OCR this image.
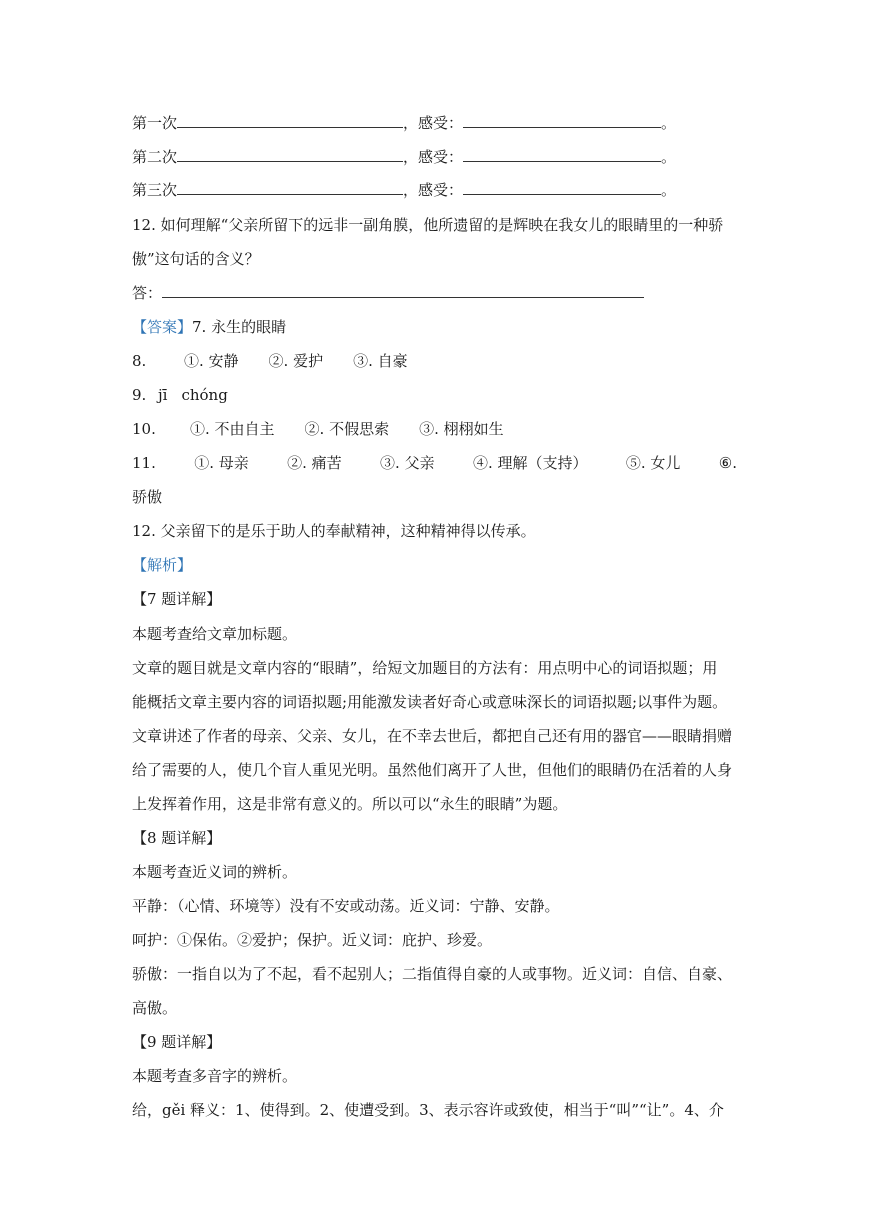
第一次	，感受：	。
第二次	，感受：	。
第三次	，感受：	。
12. 如何理解“父亲所留下的远非一副角膜，他所遗留的是辉映在我女儿的眼睛里的一种骄
傲”这句话的含义？
答：
【答案】7. 永生的眼睛
8.	①. 安静 ②. 爱护 ③. 自豪
9. jī chóng
10. ①. 不由自主 ②. 不假思索 ③. 栩栩如生
11.	①. 母亲	②. 痛苦	③. 父亲	④. 理解（支持）	⑤. 女儿	⑥.
骄傲
12. 父亲留下的是乐于助人的奉献精神，这种精神得以传承。
【解析】
【7 题详解】
本题考查给文章加标题。
文章的题目就是文章内容的“眼睛”，给短文加题目的方法有：用点明中心的词语拟题；用
能概括文章主要内容的词语拟题;用能激发读者好奇心或意味深长的词语拟题;以事件为题。
文章讲述了作者的母亲、父亲、女儿，在不幸去世后，都把自己还有用的器官——眼睛捐赠
给了需要的人，使几个盲人重见光明。虽然他们离开了人世，但他们的眼睛仍在活着的人身
上发挥着作用，这是非常有意义的。所以可以“永生的眼睛”为题。
【8 题详解】
本题考查近义词的辨析。
平静：（心情、环境等）没有不安或动荡。近义词：宁静、安静。
呵护：①保佑。②爱护；保护。近义词：庇护、珍爱。
骄傲：一指自以为了不起，看不起别人；二指值得自豪的人或事物。近义词：自信、自豪、
高傲。
【9 题详解】
本题考查多音字的辨析。
给，gěi 释义：1、使得到。2、使遭受到。3、表示容许或致使，相当于“叫”“让”。4、介
